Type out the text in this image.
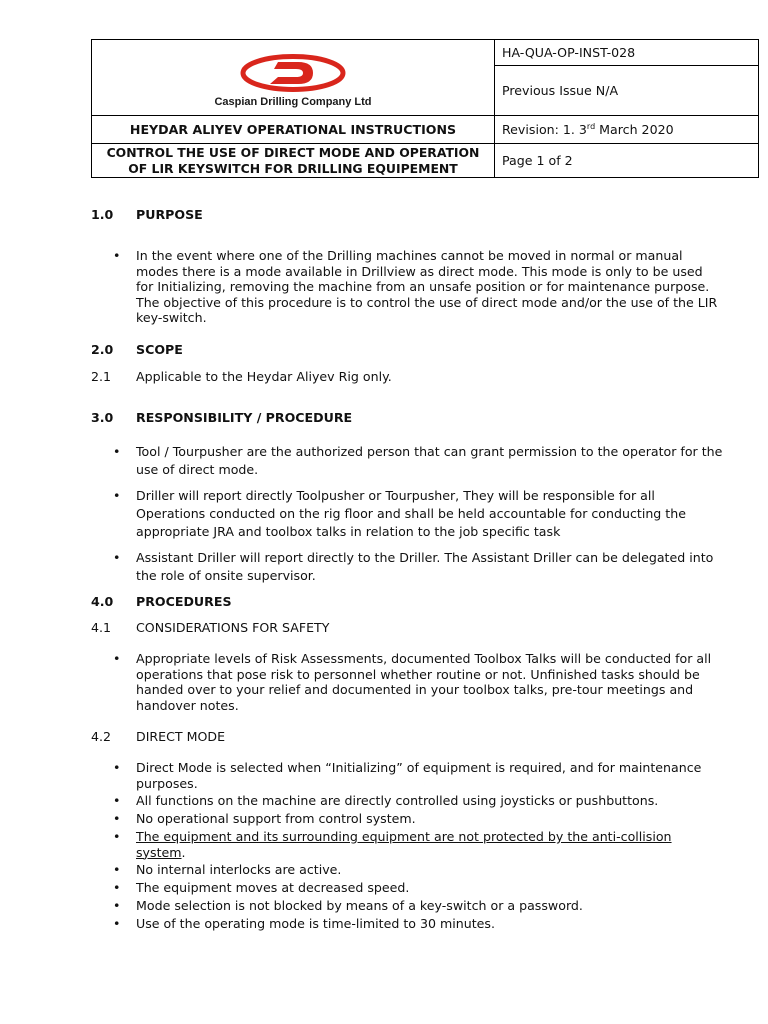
Caspian Drilling Company Ltd	HA-QUA-OP-INST-028
	Previous Issue N/A
HEYDAR ALIYEV OPERATIONAL INSTRUCTIONS	Revision: 1. 3rd March 2020
CONTROL THE USE OF DIRECT MODE AND OPERATION
OF LIR KEYSWITCH FOR DRILLING EQUIPEMENT	Page 1 of 2
1.0 PURPOSE
• In the event where one of the Drilling machines cannot be moved in normal or manual modes there is a mode available in Drillview as direct mode. This mode is only to be used for Initializing, removing the machine from an unsafe position or for maintenance purpose. The objective of this procedure is to control the use of direct mode and/or the use of the LIR key-switch.
2.0 SCOPE
2.1 Applicable to the Heydar Aliyev Rig only.
3.0 RESPONSIBILITY / PROCEDURE
• Tool / Tourpusher are the authorized person that can grant permission to the operator for the use of direct mode.
• Driller will report directly Toolpusher or Tourpusher, They will be responsible for all Operations conducted on the rig floor and shall be held accountable for conducting the appropriate JRA and toolbox talks in relation to the job specific task
• Assistant Driller will report directly to the Driller. The Assistant Driller can be delegated into the role of onsite supervisor.
4.0 PROCEDURES
4.1 CONSIDERATIONS FOR SAFETY
• Appropriate levels of Risk Assessments, documented Toolbox Talks will be conducted for all operations that pose risk to personnel whether routine or not. Unfinished tasks should be handed over to your relief and documented in your toolbox talks, pre-tour meetings and handover notes.
4.2 DIRECT MODE
• Direct Mode is selected when “Initializing” of equipment is required, and for maintenance purposes.
• All functions on the machine are directly controlled using joysticks or pushbuttons.
• No operational support from control system.
• The equipment and its surrounding equipment are not protected by the anti-collision system.
• No internal interlocks are active.
• The equipment moves at decreased speed.
• Mode selection is not blocked by means of a key-switch or a password.
• Use of the operating mode is time-limited to 30 minutes.
